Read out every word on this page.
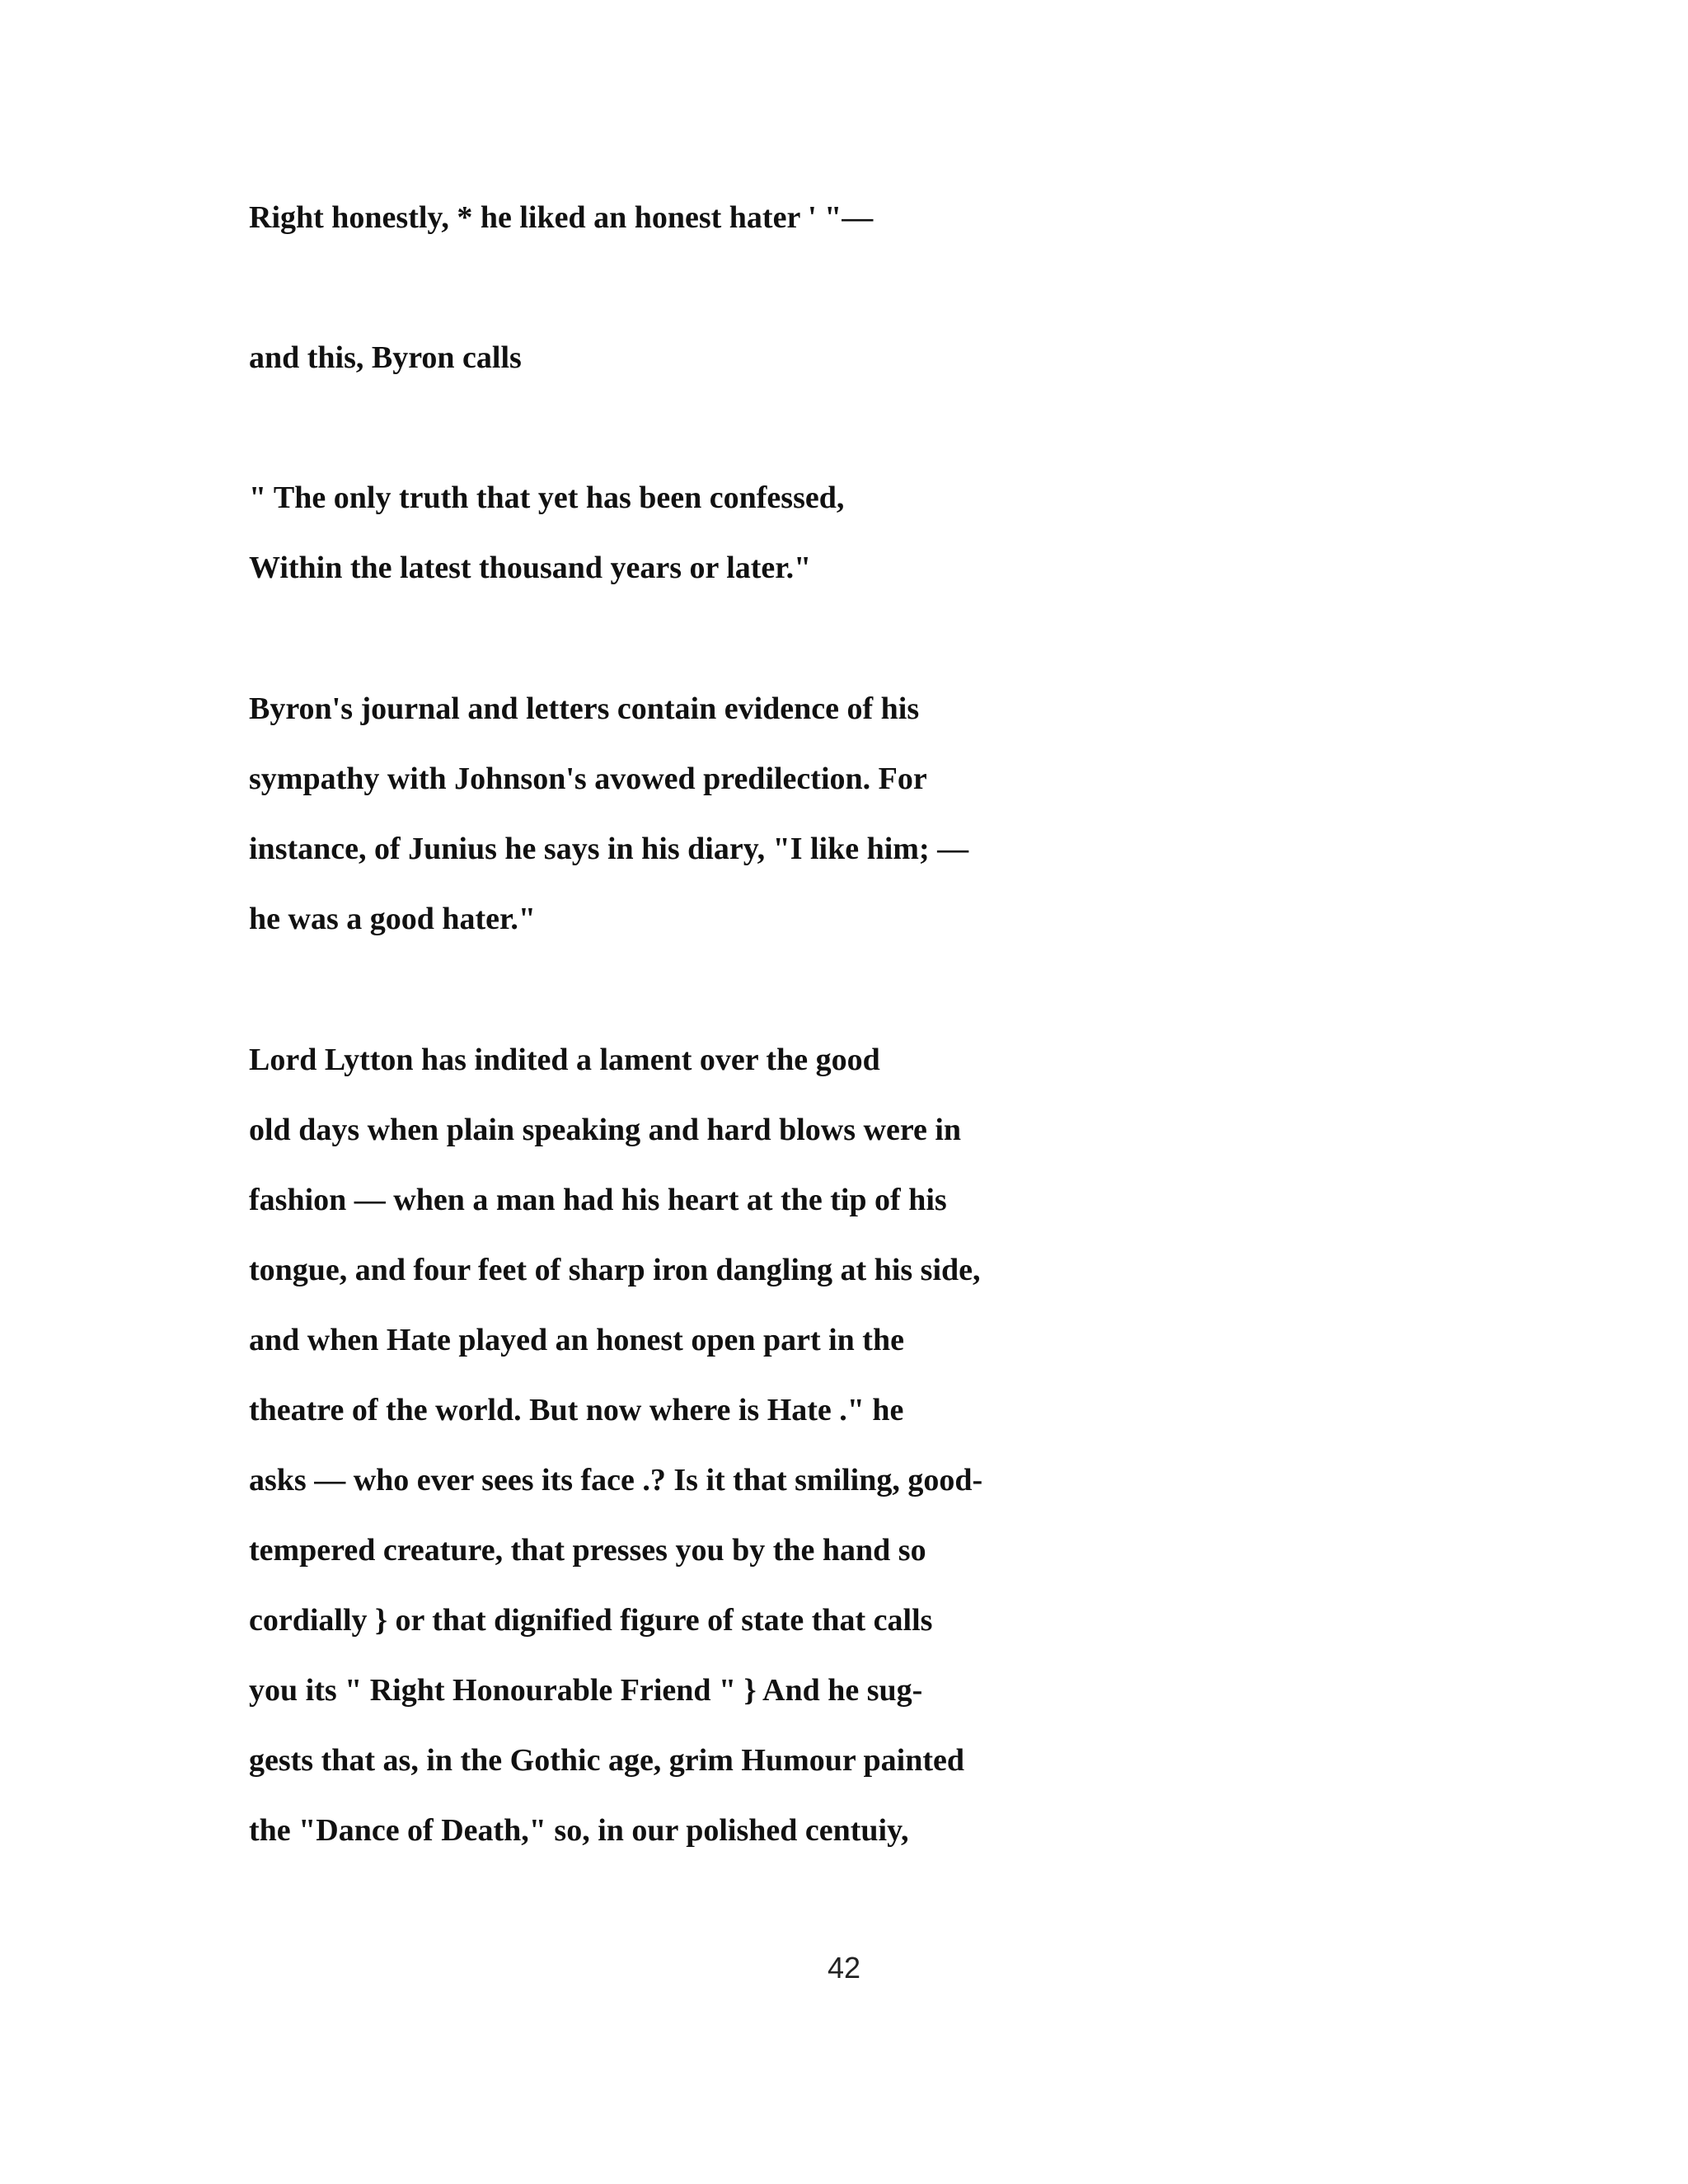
Right honestly, * he liked an honest hater ' "—

and this, Byron calls

" The only truth that yet has been confessed,

Within the latest thousand years or later."

Byron's journal and letters contain evidence of his

sympathy with Johnson's avowed predilection. For

instance, of Junius he says in his diary, "I like him; —

he was a good hater."

Lord Lytton has indited a lament over the good

old days when plain speaking and hard blows were in

fashion — when a man had his heart at the tip of his

tongue, and four feet of sharp iron dangling at his side,

and when Hate played an honest open part in the

theatre of the world. But now where is Hate ." he

asks — who ever sees its face .? Is it that smiling, good-

tempered creature, that presses you by the hand so

cordially } or that dignified figure of state that calls

you its " Right Honourable Friend " } And he sug-

gests that as, in the Gothic age, grim Humour painted

the "Dance of Death," so, in our polished centuiy,

42
